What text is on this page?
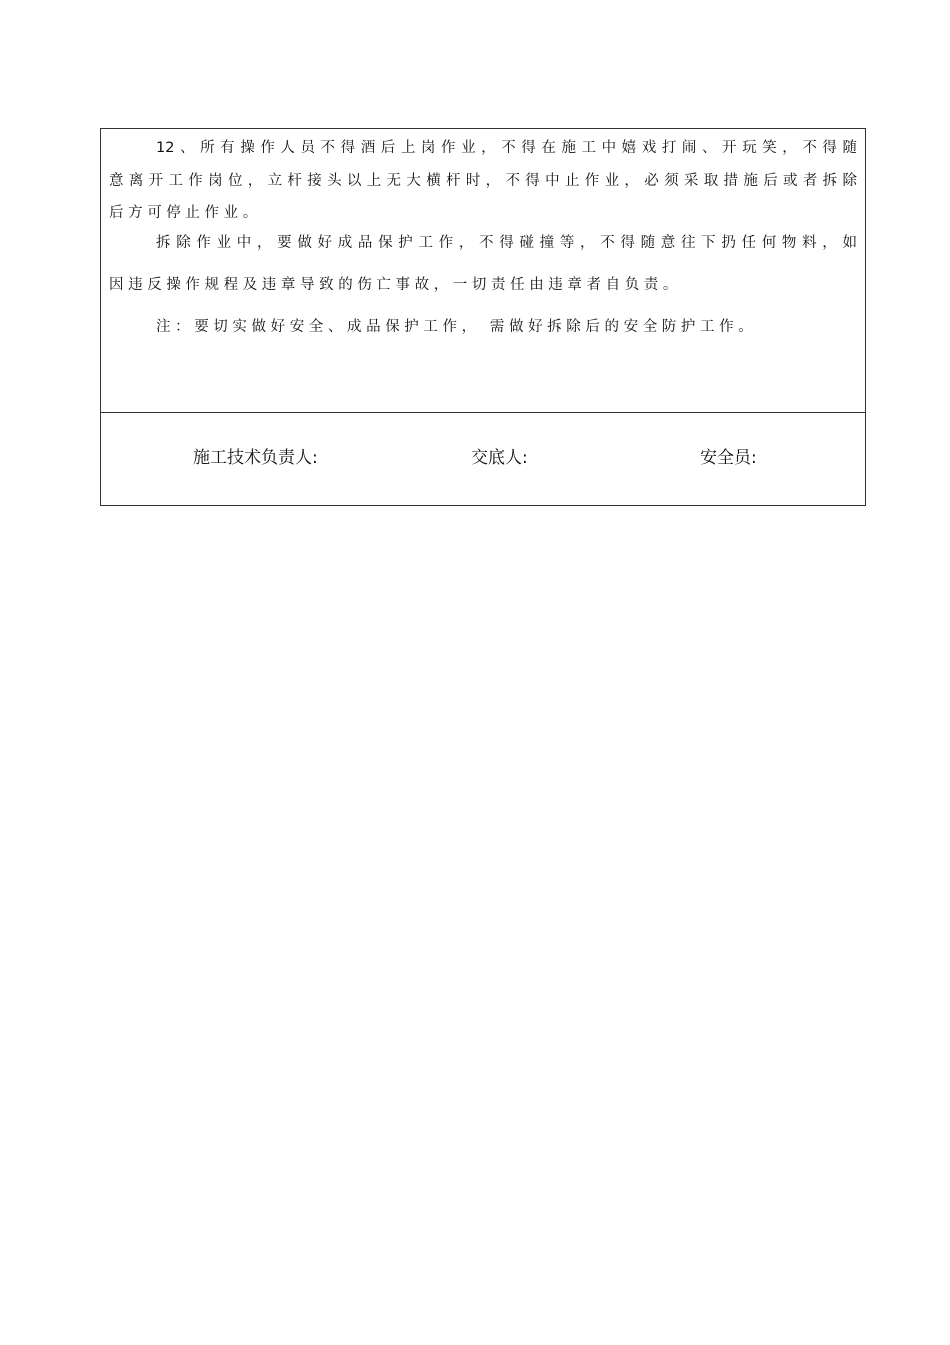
12、所有操作人员不得酒后上岗作业，不得在施工中嬉戏打闹、开玩笑，不得随
意离开工作岗位，立杆接头以上无大横杆时，不得中止作业，必须采取措施后或者拆除
后方可停止作业。
拆除作业中，要做好成品保护工作，不得碰撞等，不得随意往下扔任何物料，如
因违反操作规程及违章导致的伤亡事故，一切责任由违章者自负责。
注：要切实做好安全、成品保护工作， 需做好拆除后的安全防护工作。
施工技术负责人:	交底人:	安全员:
